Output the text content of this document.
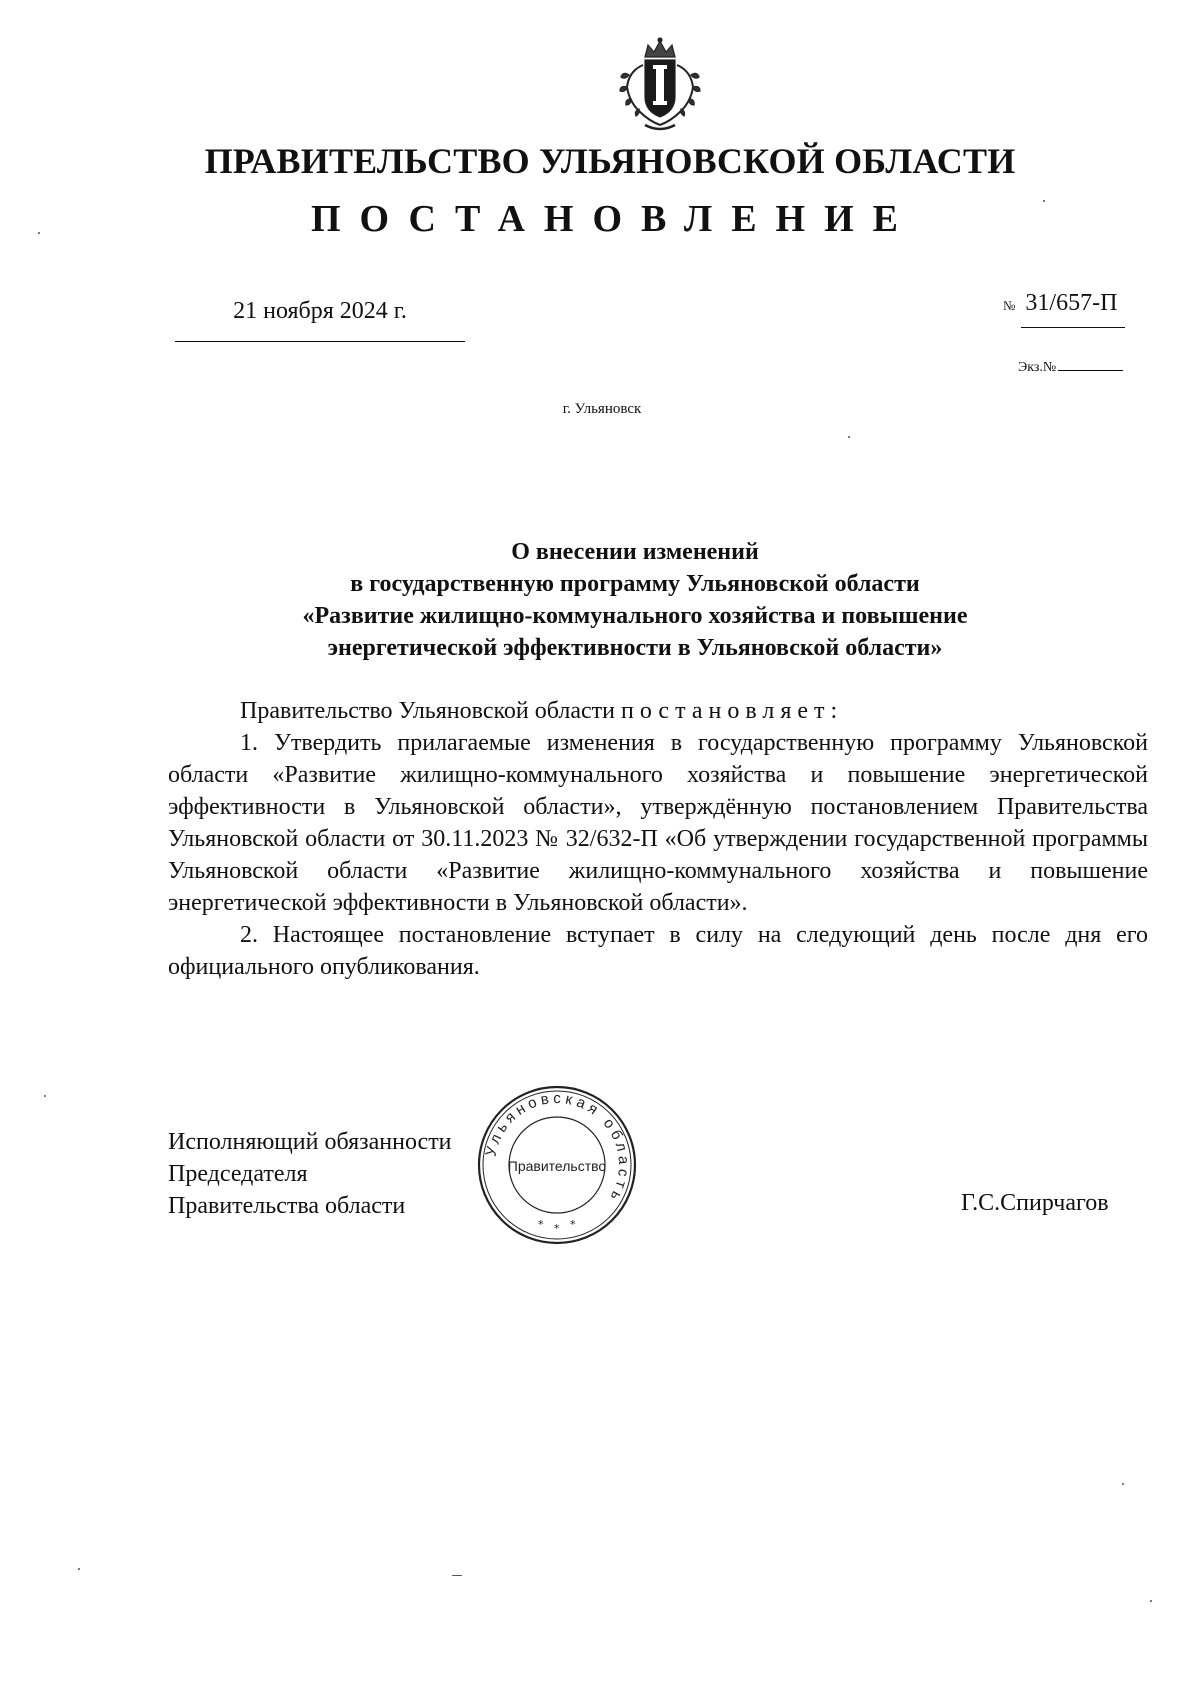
ПРАВИТЕЛЬСТВО УЛЬЯНОВСКОЙ ОБЛАСТИ
ПОСТАНОВЛЕНИЕ
21 ноября 2024 г.	№ 31/657-П
Экз.№
г. Ульяновск
О внесении изменений
в государственную программу Ульяновской области
«Развитие жилищно-коммунального хозяйства и повышение
энергетической эффективности в Ульяновской области»

Правительство Ульяновской области постановляет:

1. Утвердить прилагаемые изменения в государственную программу Ульяновской области «Развитие жилищно-коммунального хозяйства и повышение энергетической эффективности в Ульяновской области», утверждённую постановлением Правительства Ульяновской области от 30.11.2023 № 32/632-П «Об утверждении государственной программы Ульяновской области «Развитие жилищно-коммунального хозяйства и повышение энергетической эффективности в Ульяновской области».

2. Настоящее постановление вступает в силу на следующий день после дня его официального опубликования.

Исполняющий обязанности
Председателя
Правительства области
Ульяновская область
Правительство
* * *
Г.С.Спирчагов
